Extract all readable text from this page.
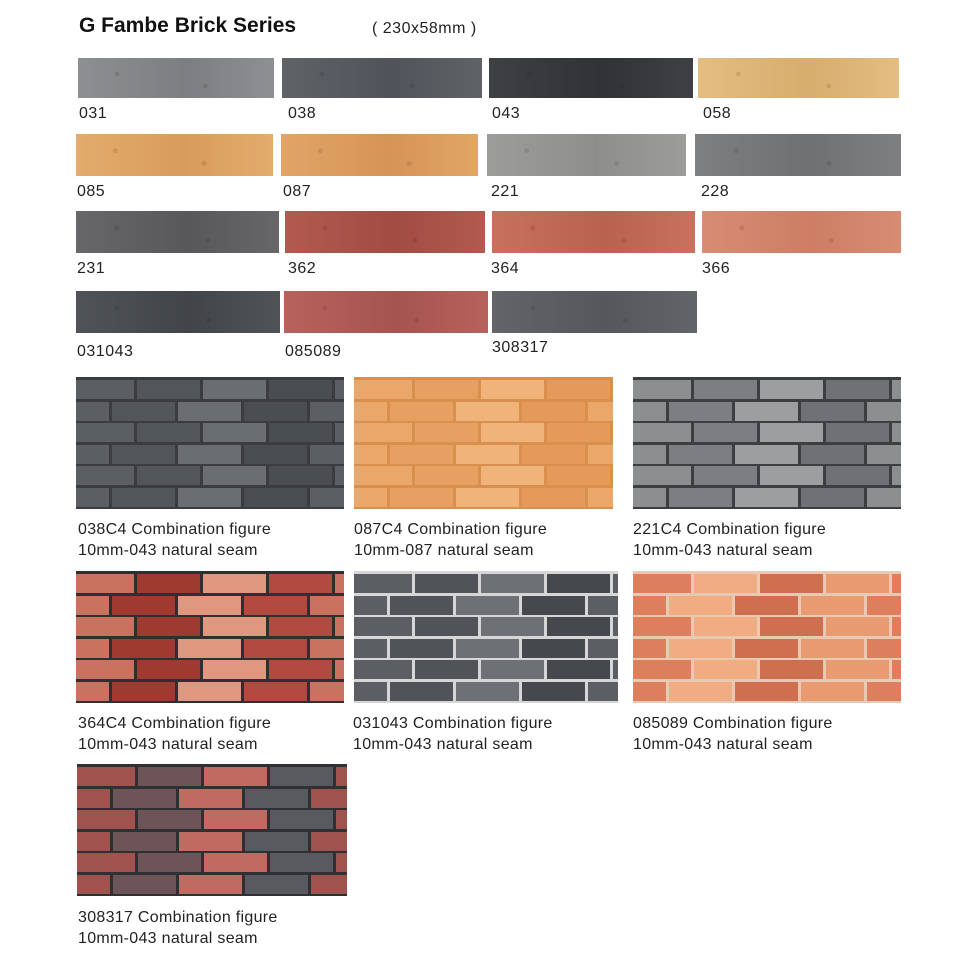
G Fambe Brick Series	( 230x58mm )
031	038	043	058
085	087	221	228
231	362	364	366
031043	085089	308317
038C4 Combination figure
10mm-043 natural seam
087C4 Combination figure
10mm-087 natural seam
221C4 Combination figure
10mm-043 natural seam
364C4 Combination figure
10mm-043 natural seam
031043 Combination figure
10mm-043 natural seam
085089 Combination figure
10mm-043 natural seam
308317 Combination figure
10mm-043 natural seam
